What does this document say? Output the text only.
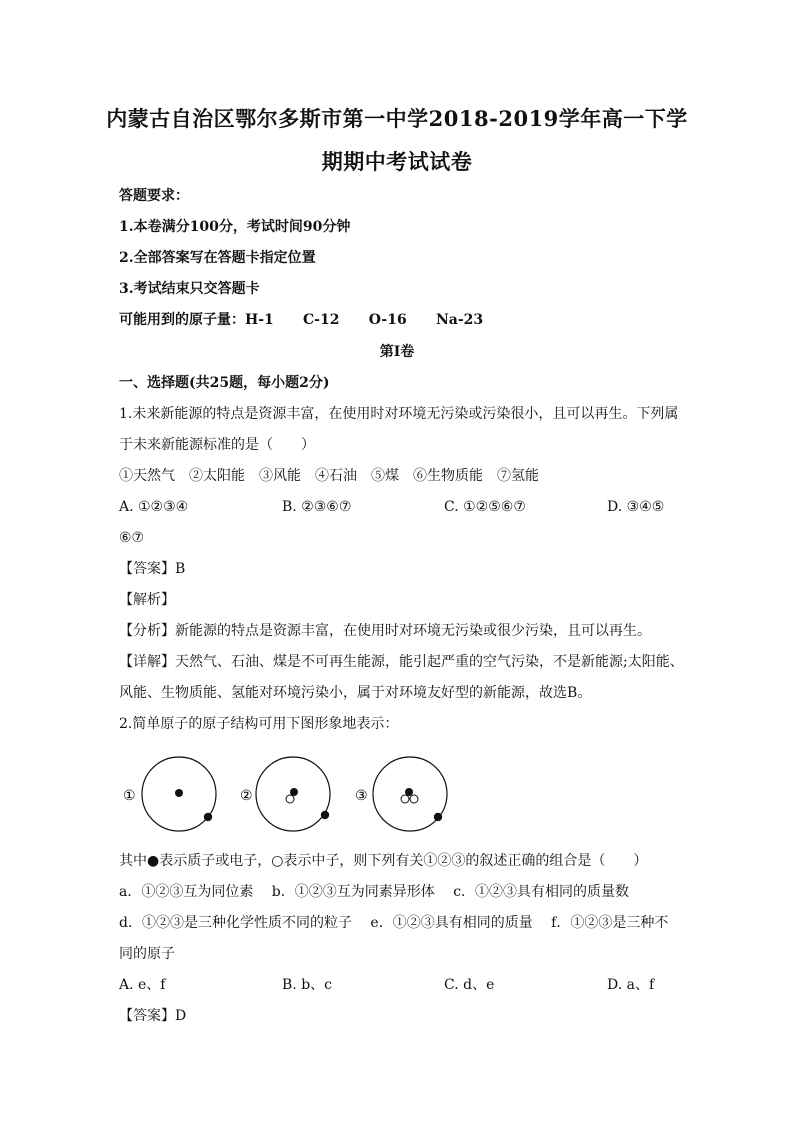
内蒙古自治区鄂尔多斯市第一中学2018-2019学年高一下学
期期中考试试卷
答题要求：
1.本卷满分100分，考试时间90分钟
2.全部答案写在答题卡指定位置
3.考试结束只交答题卡
可能用到的原子量：H-1      C-12      O-16      Na-23
第Ⅰ卷
一、选择题(共25题，每小题2分)
1.未来新能源的特点是资源丰富，在使用时对环境无污染或污染很小，且可以再生。下列属
于未来新能源标准的是（　　）
①天然气　②太阳能　③风能　④石油　⑤煤　⑥生物质能　⑦氢能
A. ①②③④	B. ②③⑥⑦	C. ①②⑤⑥⑦	D. ③④⑤
⑥⑦
【答案】B
【解析】
【分析】新能源的特点是资源丰富，在使用时对环境无污染或很少污染，且可以再生。
【详解】天然气、石油、煤是不可再生能源，能引起严重的空气污染，不是新能源;太阳能、
风能、生物质能、氢能对环境污染小，属于对环境友好型的新能源，故选B。
2.简单原子的原子结构可用下图形象地表示：
①	②	③
其中●表示质子或电子，○表示中子，则下列有关①②③的叙述正确的组合是（　　）
a．①②③互为同位素　 b．①②③互为同素异形体　 c．①②③具有相同的质量数
d．①②③是三种化学性质不同的粒子　 e．①②③具有相同的质量　 f．①②③是三种不
同的原子
A. e、f	B. b、c	C. d、e	D. a、f
【答案】D
